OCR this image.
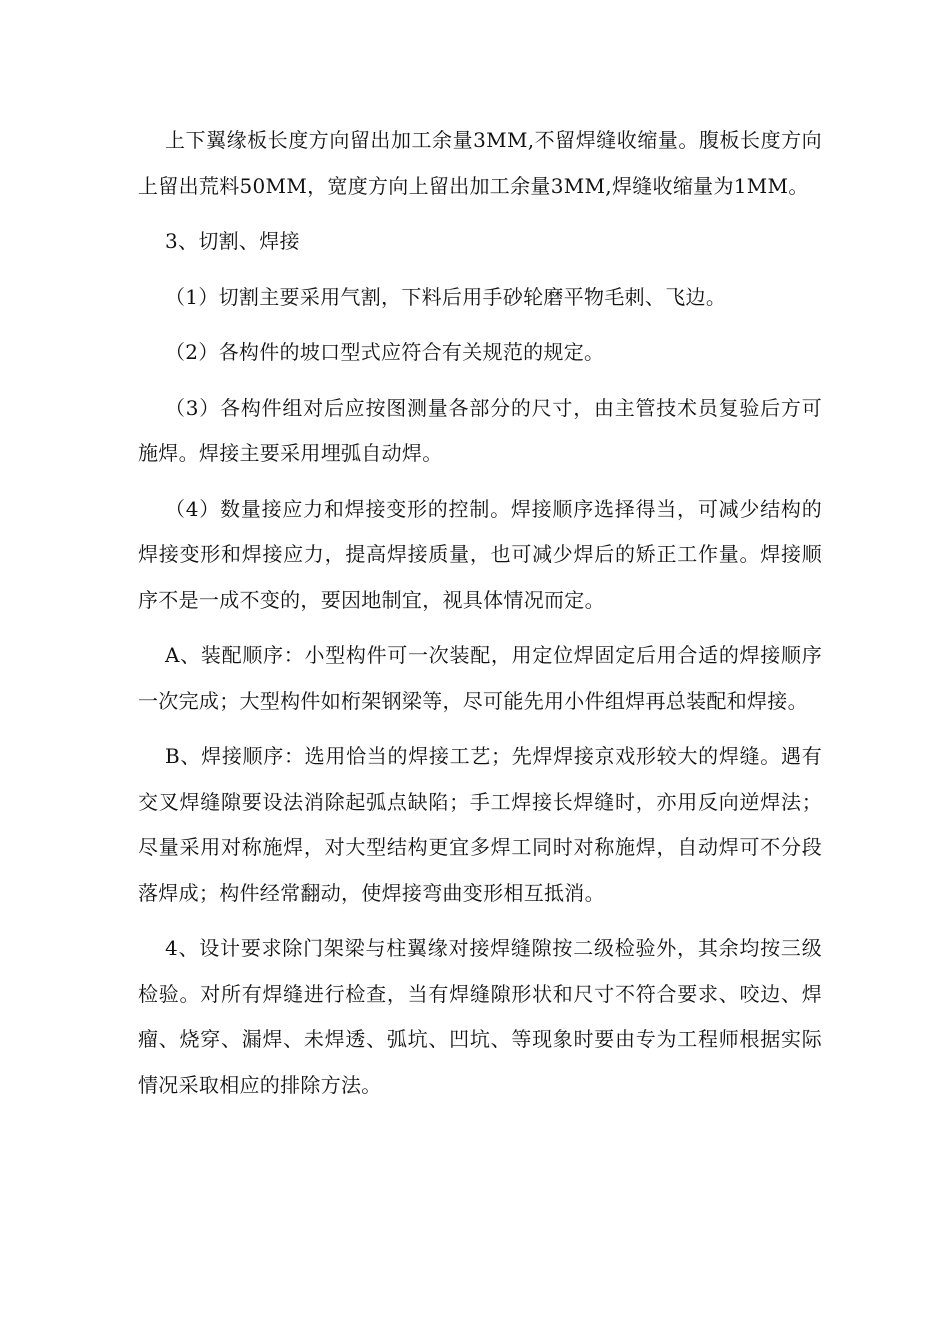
上下翼缘板长度方向留出加工余量3MM,不留焊缝收缩量。腹板长度方向上留出荒料50MM，宽度方向上留出加工余量3MM,焊缝收缩量为1MM。

3、切割、焊接

（1）切割主要采用气割，下料后用手砂轮磨平物毛刺、飞边。

（2）各构件的坡口型式应符合有关规范的规定。

（3）各构件组对后应按图测量各部分的尺寸，由主管技术员复验后方可施焊。焊接主要采用埋弧自动焊。

（4）数量接应力和焊接变形的控制。焊接顺序选择得当，可减少结构的焊接变形和焊接应力，提高焊接质量，也可减少焊后的矫正工作量。焊接顺序不是一成不变的，要因地制宜，视具体情况而定。

A、装配顺序：小型构件可一次装配，用定位焊固定后用合适的焊接顺序一次完成；大型构件如桁架钢梁等，尽可能先用小件组焊再总装配和焊接。

B、焊接顺序：选用恰当的焊接工艺；先焊焊接京戏形较大的焊缝。遇有交叉焊缝隙要设法消除起弧点缺陷；手工焊接长焊缝时，亦用反向逆焊法；尽量采用对称施焊，对大型结构更宜多焊工同时对称施焊，自动焊可不分段落焊成；构件经常翻动，使焊接弯曲变形相互抵消。

4、设计要求除门架梁与柱翼缘对接焊缝隙按二级检验外，其余均按三级检验。对所有焊缝进行检查，当有焊缝隙形状和尺寸不符合要求、咬边、焊瘤、烧穿、漏焊、未焊透、弧坑、凹坑、等现象时要由专为工程师根据实际情况采取相应的排除方法。
